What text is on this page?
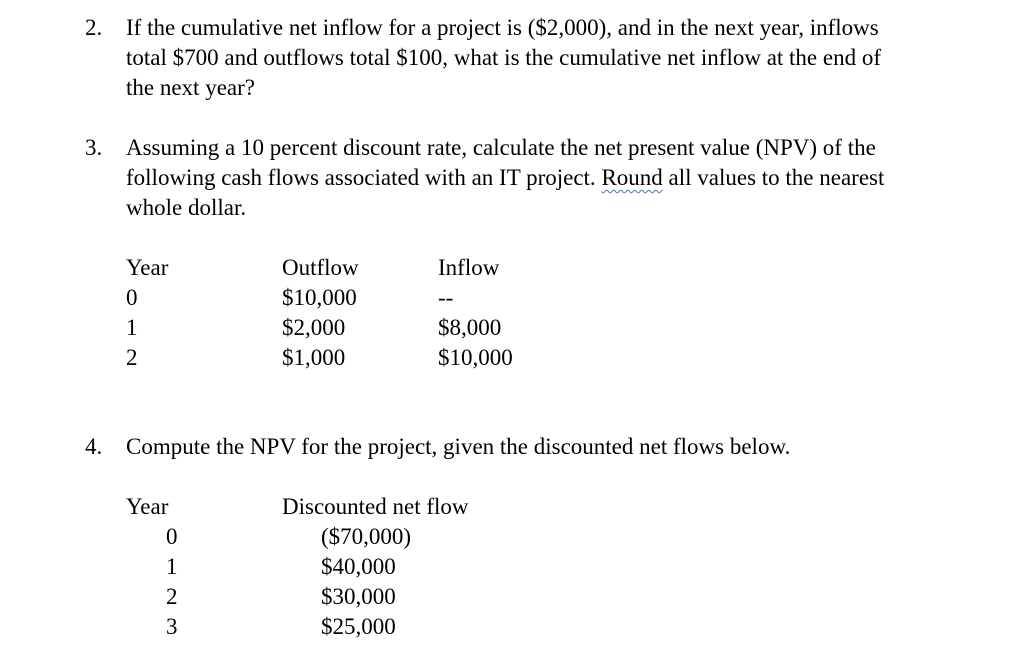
2. If the cumulative net inflow for a project is ($2,000), and in the next year, inflows
total $700 and outflows total $100, what is the cumulative net inflow at the end of
the next year?
3. Assuming a 10 percent discount rate, calculate the net present value (NPV) of the
following cash flows associated with an IT project. Round all values to the nearest
whole dollar.
Year	Outflow	Inflow
0	$10,000	--
1	$2,000	$8,000
2	$1,000	$10,000
4. Compute the NPV for the project, given the discounted net flows below.
Year	Discounted net flow
0	($70,000)
1	$40,000
2	$30,000
3	$25,000
